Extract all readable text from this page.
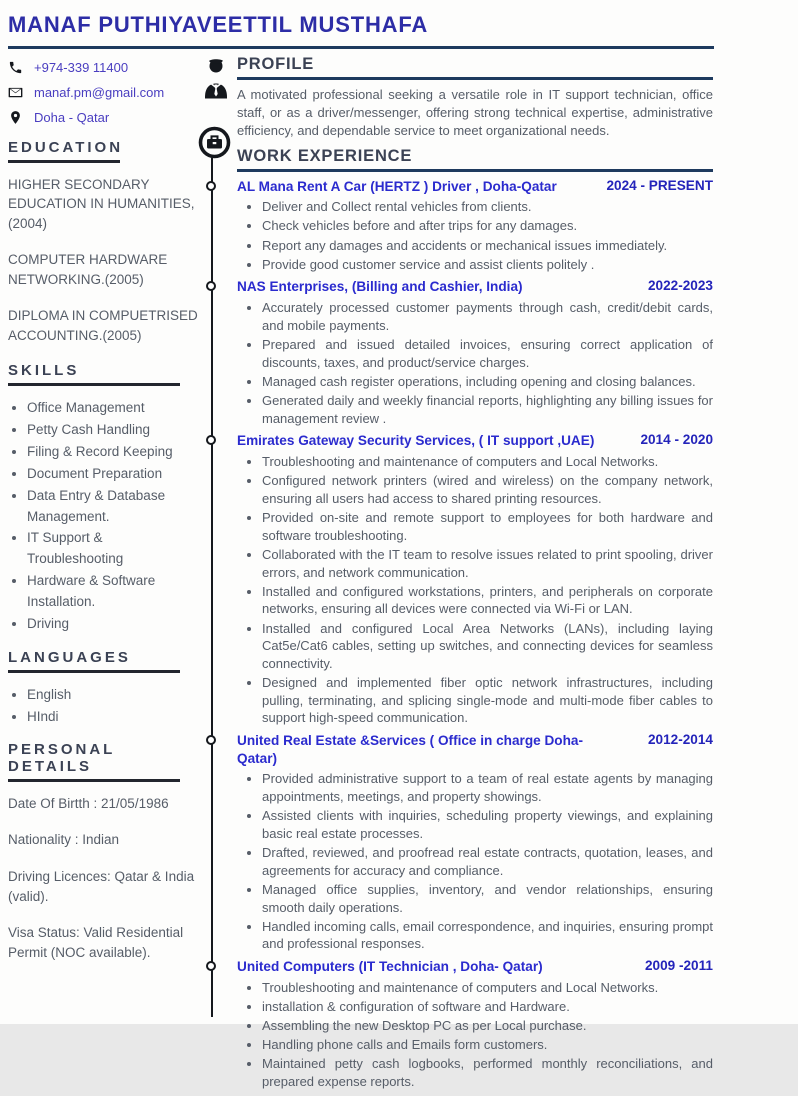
MANAF PUTHIYAVEETTIL MUSTHAFA
+974-339 11400
manaf.pm@gmail.com
Doha - Qatar
EDUCATION

HIGHER SECONDARY EDUCATION IN HUMANITIES, (2004)

COMPUTER HARDWARE NETWORKING.(2005)

DIPLOMA IN COMPUETRISED ACCOUNTING.(2005)

SKILLS
• Office Management
• Petty Cash Handling
• Filing & Record Keeping
• Document Preparation
• Data Entry & Database Management.
• IT Support & Troubleshooting
• Hardware & Software Installation.
• Driving
LANGUAGES
• English
• HIndi
PERSONAL DETAILS

Date Of Birtth : 21/05/1986

Nationality : Indian

Driving Licences: Qatar & India (valid).

Visa Status: Valid Residential Permit (NOC available).

PROFILE

A motivated professional seeking a versatile role in IT support technician, office staff, or as a driver/messenger, offering strong technical expertise, administrative efficiency, and dependable service to meet organizational needs.

WORK EXPERIENCE
AL Mana Rent A Car (HERTZ ) Driver , Doha-Qatar	2024 - PRESENT
• Deliver and Collect rental vehicles from clients.
• Check vehicles before and after trips for any damages.
• Report any damages and accidents or mechanical issues immediately.
• Provide good customer service and assist clients politely .
NAS Enterprises, (Billing and Cashier, India)	2022-2023
• Accurately processed customer payments through cash, credit/debit cards, and mobile payments.
• Prepared and issued detailed invoices, ensuring correct application of discounts, taxes, and product/service charges.
• Managed cash register operations, including opening and closing balances.
• Generated daily and weekly financial reports, highlighting any billing issues for management review .
Emirates Gateway Security Services, ( IT support ,UAE)	2014 - 2020
• Troubleshooting and maintenance of computers and Local Networks.
• Configured network printers (wired and wireless) on the company network, ensuring all users had access to shared printing resources.
• Provided on-site and remote support to employees for both hardware and software troubleshooting.
• Collaborated with the IT team to resolve issues related to print spooling, driver errors, and network communication.
• Installed and configured workstations, printers, and peripherals on corporate networks, ensuring all devices were connected via Wi-Fi or LAN.
• Installed and configured Local Area Networks (LANs), including laying Cat5e/Cat6 cables, setting up switches, and connecting devices for seamless connectivity.
• Designed and implemented fiber optic network infrastructures, including pulling, terminating, and splicing single-mode and multi-mode fiber cables to support high-speed communication.
United Real Estate &Services ( Office in charge Doha- Qatar)
2012-2014
• Provided administrative support to a team of real estate agents by managing appointments, meetings, and property showings.
• Assisted clients with inquiries, scheduling property viewings, and explaining basic real estate processes.
• Drafted, reviewed, and proofread real estate contracts, quotation, leases, and agreements for accuracy and compliance.
• Managed office supplies, inventory, and vendor relationships, ensuring smooth daily operations.
• Handled incoming calls, email correspondence, and inquiries, ensuring prompt and professional responses.
United Computers (IT Technician , Doha- Qatar)	2009 -2011
• Troubleshooting and maintenance of computers and Local Networks.
• installation & configuration of software and Hardware.
• Assembling the new Desktop PC as per Local purchase.
• Handling phone calls and Emails form customers.
• Maintained petty cash logbooks, performed monthly reconciliations, and prepared expense reports.
